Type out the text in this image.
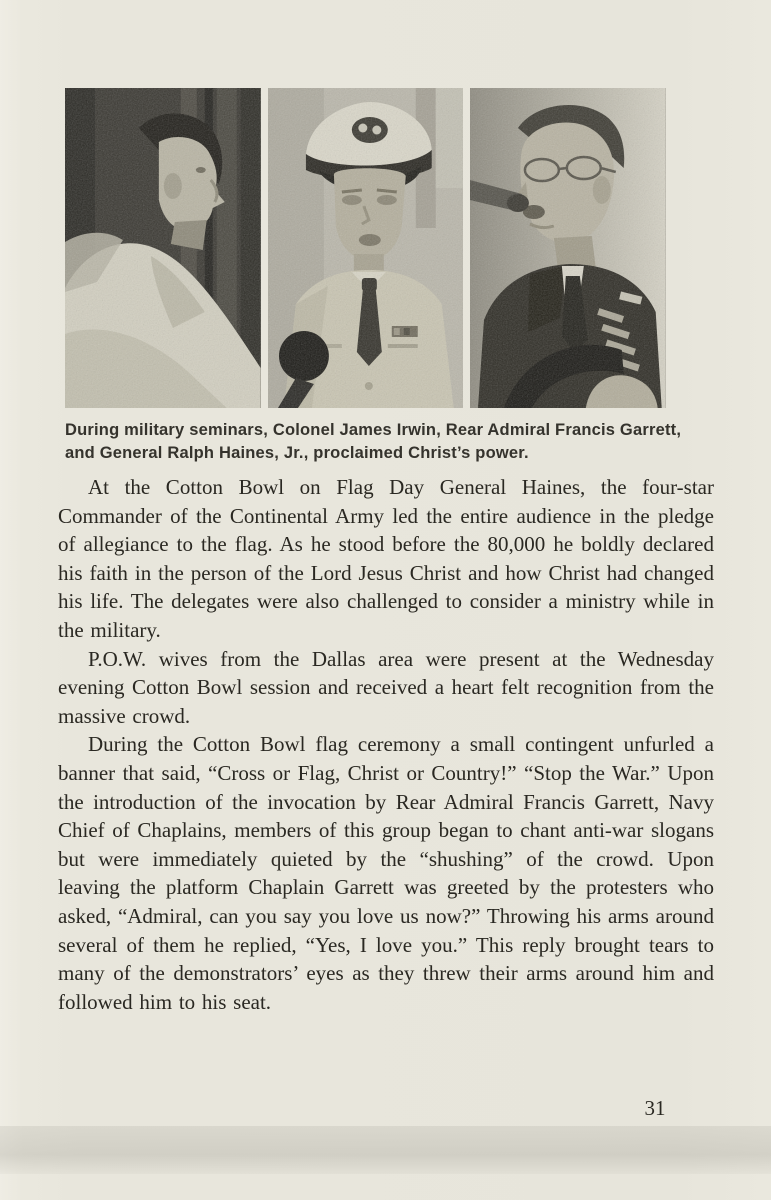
During military seminars, Colonel James Irwin, Rear Admiral Francis Garrett, and General Ralph Haines, Jr., proclaimed Christ’s power.

At the Cotton Bowl on Flag Day General Haines, the four-star Commander of the Continental Army led the entire audience in the pledge of allegiance to the flag. As he stood before the 80,000 he boldly declared his faith in the person of the Lord Jesus Christ and how Christ had changed his life. The delegates were also challenged to consider a ministry while in the military.

P.O.W. wives from the Dallas area were present at the Wednesday evening Cotton Bowl session and received a heart felt recognition from the massive crowd.

During the Cotton Bowl flag ceremony a small contingent unfurled a banner that said, “Cross or Flag, Christ or Country!” “Stop the War.” Upon the introduction of the invocation by Rear Admiral Francis Garrett, Navy Chief of Chaplains, members of this group began to chant anti-war slogans but were immediately quieted by the “shushing” of the crowd. Upon leaving the platform Chaplain Garrett was greeted by the protesters who asked, “Admiral, can you say you love us now?” Throwing his arms around several of them he replied, “Yes, I love you.” This reply brought tears to many of the demonstrators’ eyes as they threw their arms around him and followed him to his seat.

31
